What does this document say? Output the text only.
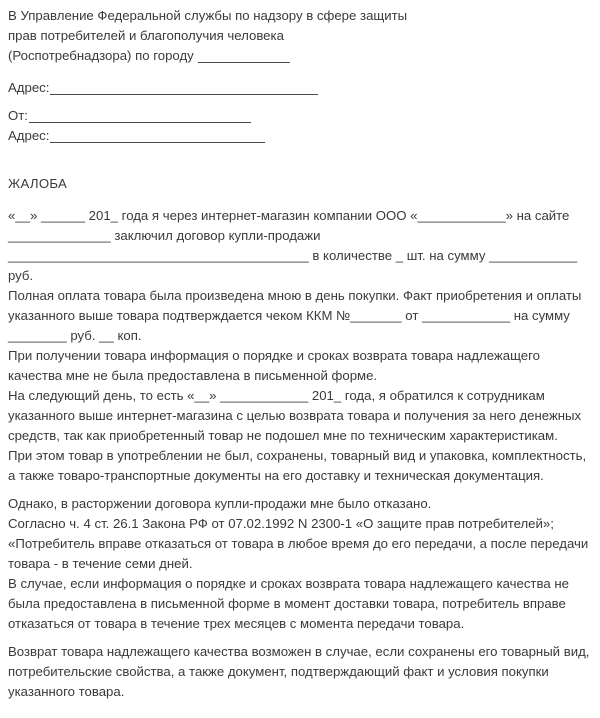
В Управление Федеральной службы по надзору в сфере защиты
прав потребителей и благополучия человека
(Роспотребнадзора) по городу
Адрес:
От:
Адрес:
ЖАЛОБА
«__» ______ 201_ года я через интернет-магазин компании ООО «____________» на сайте ______________ заключил договор купли-продажи _________________________________________ в количестве _ шт. на сумму ____________ руб.
Полная оплата товара была произведена мною в день покупки. Факт приобретения и оплаты указанного выше товара подтверждается чеком ККМ №_______ от ____________ на сумму ________ руб. __ коп.
При получении товара информация о порядке и сроках возврата товара надлежащего качества мне не была предоставлена в письменной форме.
На следующий день, то есть «__» ____________ 201_ года, я обратился к сотрудникам указанного выше интернет-магазина с целью возврата товара и получения за него денежных средств, так как приобретенный товар не подошел мне по техническим характеристикам.
При этом товар в употреблении не был, сохранены, товарный вид и упаковка, комплектность, а также товаро-транспортные документы на его доставку и техническая документация.
Однако, в расторжении договора купли-продажи мне было отказано.
Согласно ч. 4 ст. 26.1 Закона РФ от 07.02.1992 N 2300-1 «О защите прав потребителей»;
«Потребитель вправе отказаться от товара в любое время до его передачи, а после передачи товара - в течение семи дней.
В случае, если информация о порядке и сроках возврата товара надлежащего качества не была предоставлена в письменной форме в момент доставки товара, потребитель вправе отказаться от товара в течение трех месяцев с момента передачи товара.
Возврат товара надлежащего качества возможен в случае, если сохранены его товарный вид, потребительские свойства, а также документ, подтверждающий факт и условия покупки указанного товара.
